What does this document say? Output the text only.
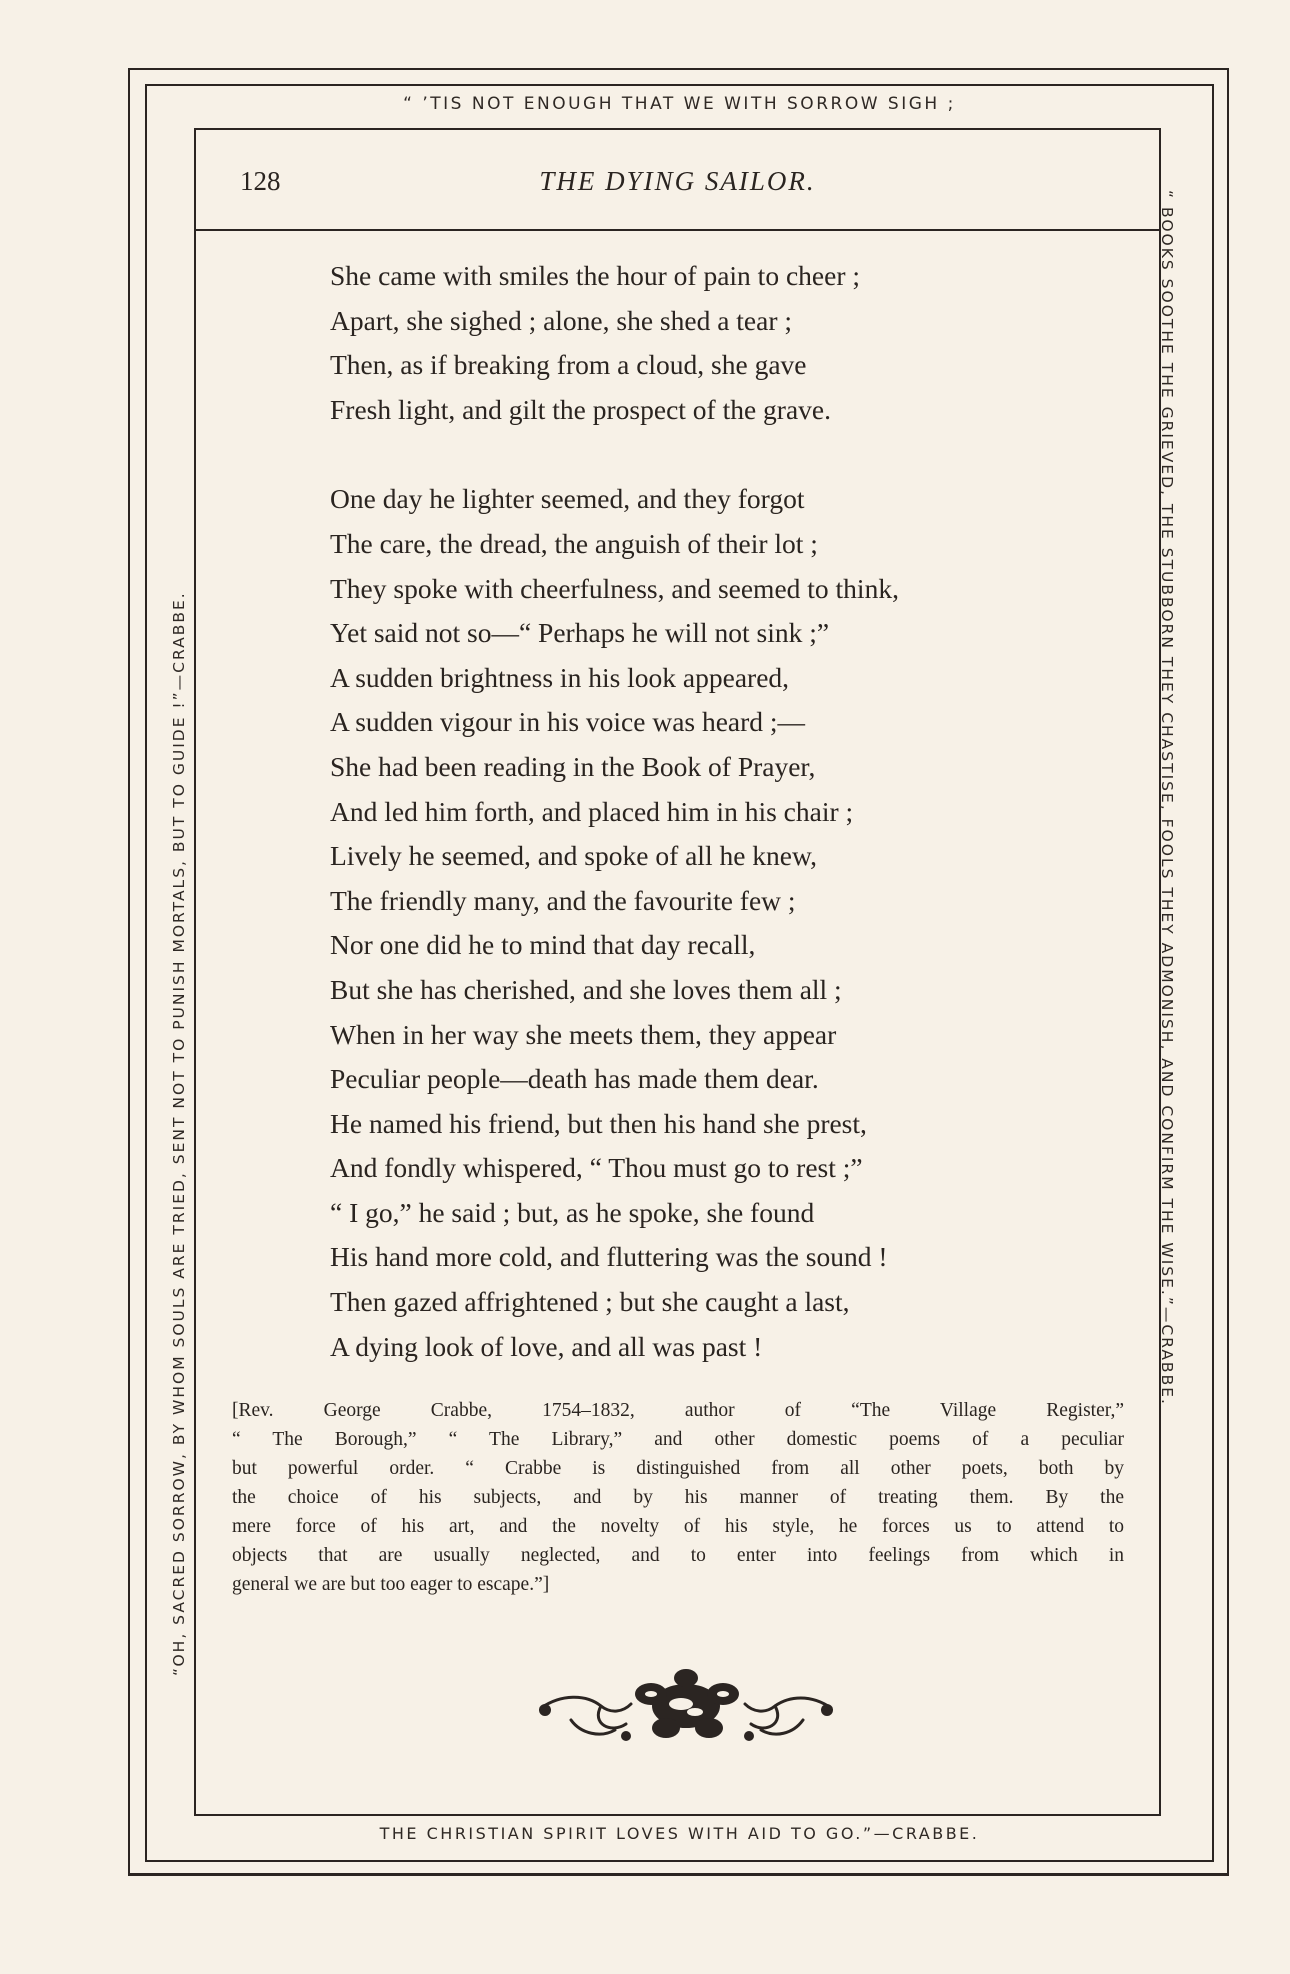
“ ’TIS NOT ENOUGH THAT WE WITH SORROW SIGH ;
THE CHRISTIAN SPIRIT LOVES WITH AID TO GO.”—CRABBE.
“OH, SACRED SORROW, BY WHOM SOULS ARE TRIED, SENT NOT TO PUNISH MORTALS, BUT TO GUIDE !”—CRABBE.	“ BOOKS SOOTHE THE GRIEVED, THE STUBBORN THEY CHASTISE, FOOLS THEY ADMONISH, AND CONFIRM THE WISE.”—CRABBE.
128	THE DYING SAILOR.
She came with smiles the hour of pain to cheer ;
Apart, she sighed ; alone, she shed a tear ;
Then, as if breaking from a cloud, she gave
Fresh light, and gilt the prospect of the grave.
One day he lighter seemed, and they forgot
The care, the dread, the anguish of their lot ;
They spoke with cheerfulness, and seemed to think,
Yet said not so—“ Perhaps he will not sink ;”
A sudden brightness in his look appeared,
A sudden vigour in his voice was heard ;—
She had been reading in the Book of Prayer,
And led him forth, and placed him in his chair ;
Lively he seemed, and spoke of all he knew,
The friendly many, and the favourite few ;
Nor one did he to mind that day recall,
But she has cherished, and she loves them all ;
When in her way she meets them, they appear
Peculiar people—death has made them dear.
He named his friend, but then his hand she prest,
And fondly whispered, “ Thou must go to rest ;”
“ I go,” he said ; but, as he spoke, she found
His hand more cold, and fluttering was the sound !
Then gazed affrightened ; but she caught a last,
A dying look of love, and all was past !
[Rev. George Crabbe, 1754–1832, author of “The Village Register,”
“ The Borough,” “ The Library,” and other domestic poems of a peculiar
but powerful order. “ Crabbe is distinguished from all other poets, both by
the choice of his subjects, and by his manner of treating them. By the
mere force of his art, and the novelty of his style, he forces us to attend to
objects that are usually neglected, and to enter into feelings from which in
general we are but too eager to escape.”]
